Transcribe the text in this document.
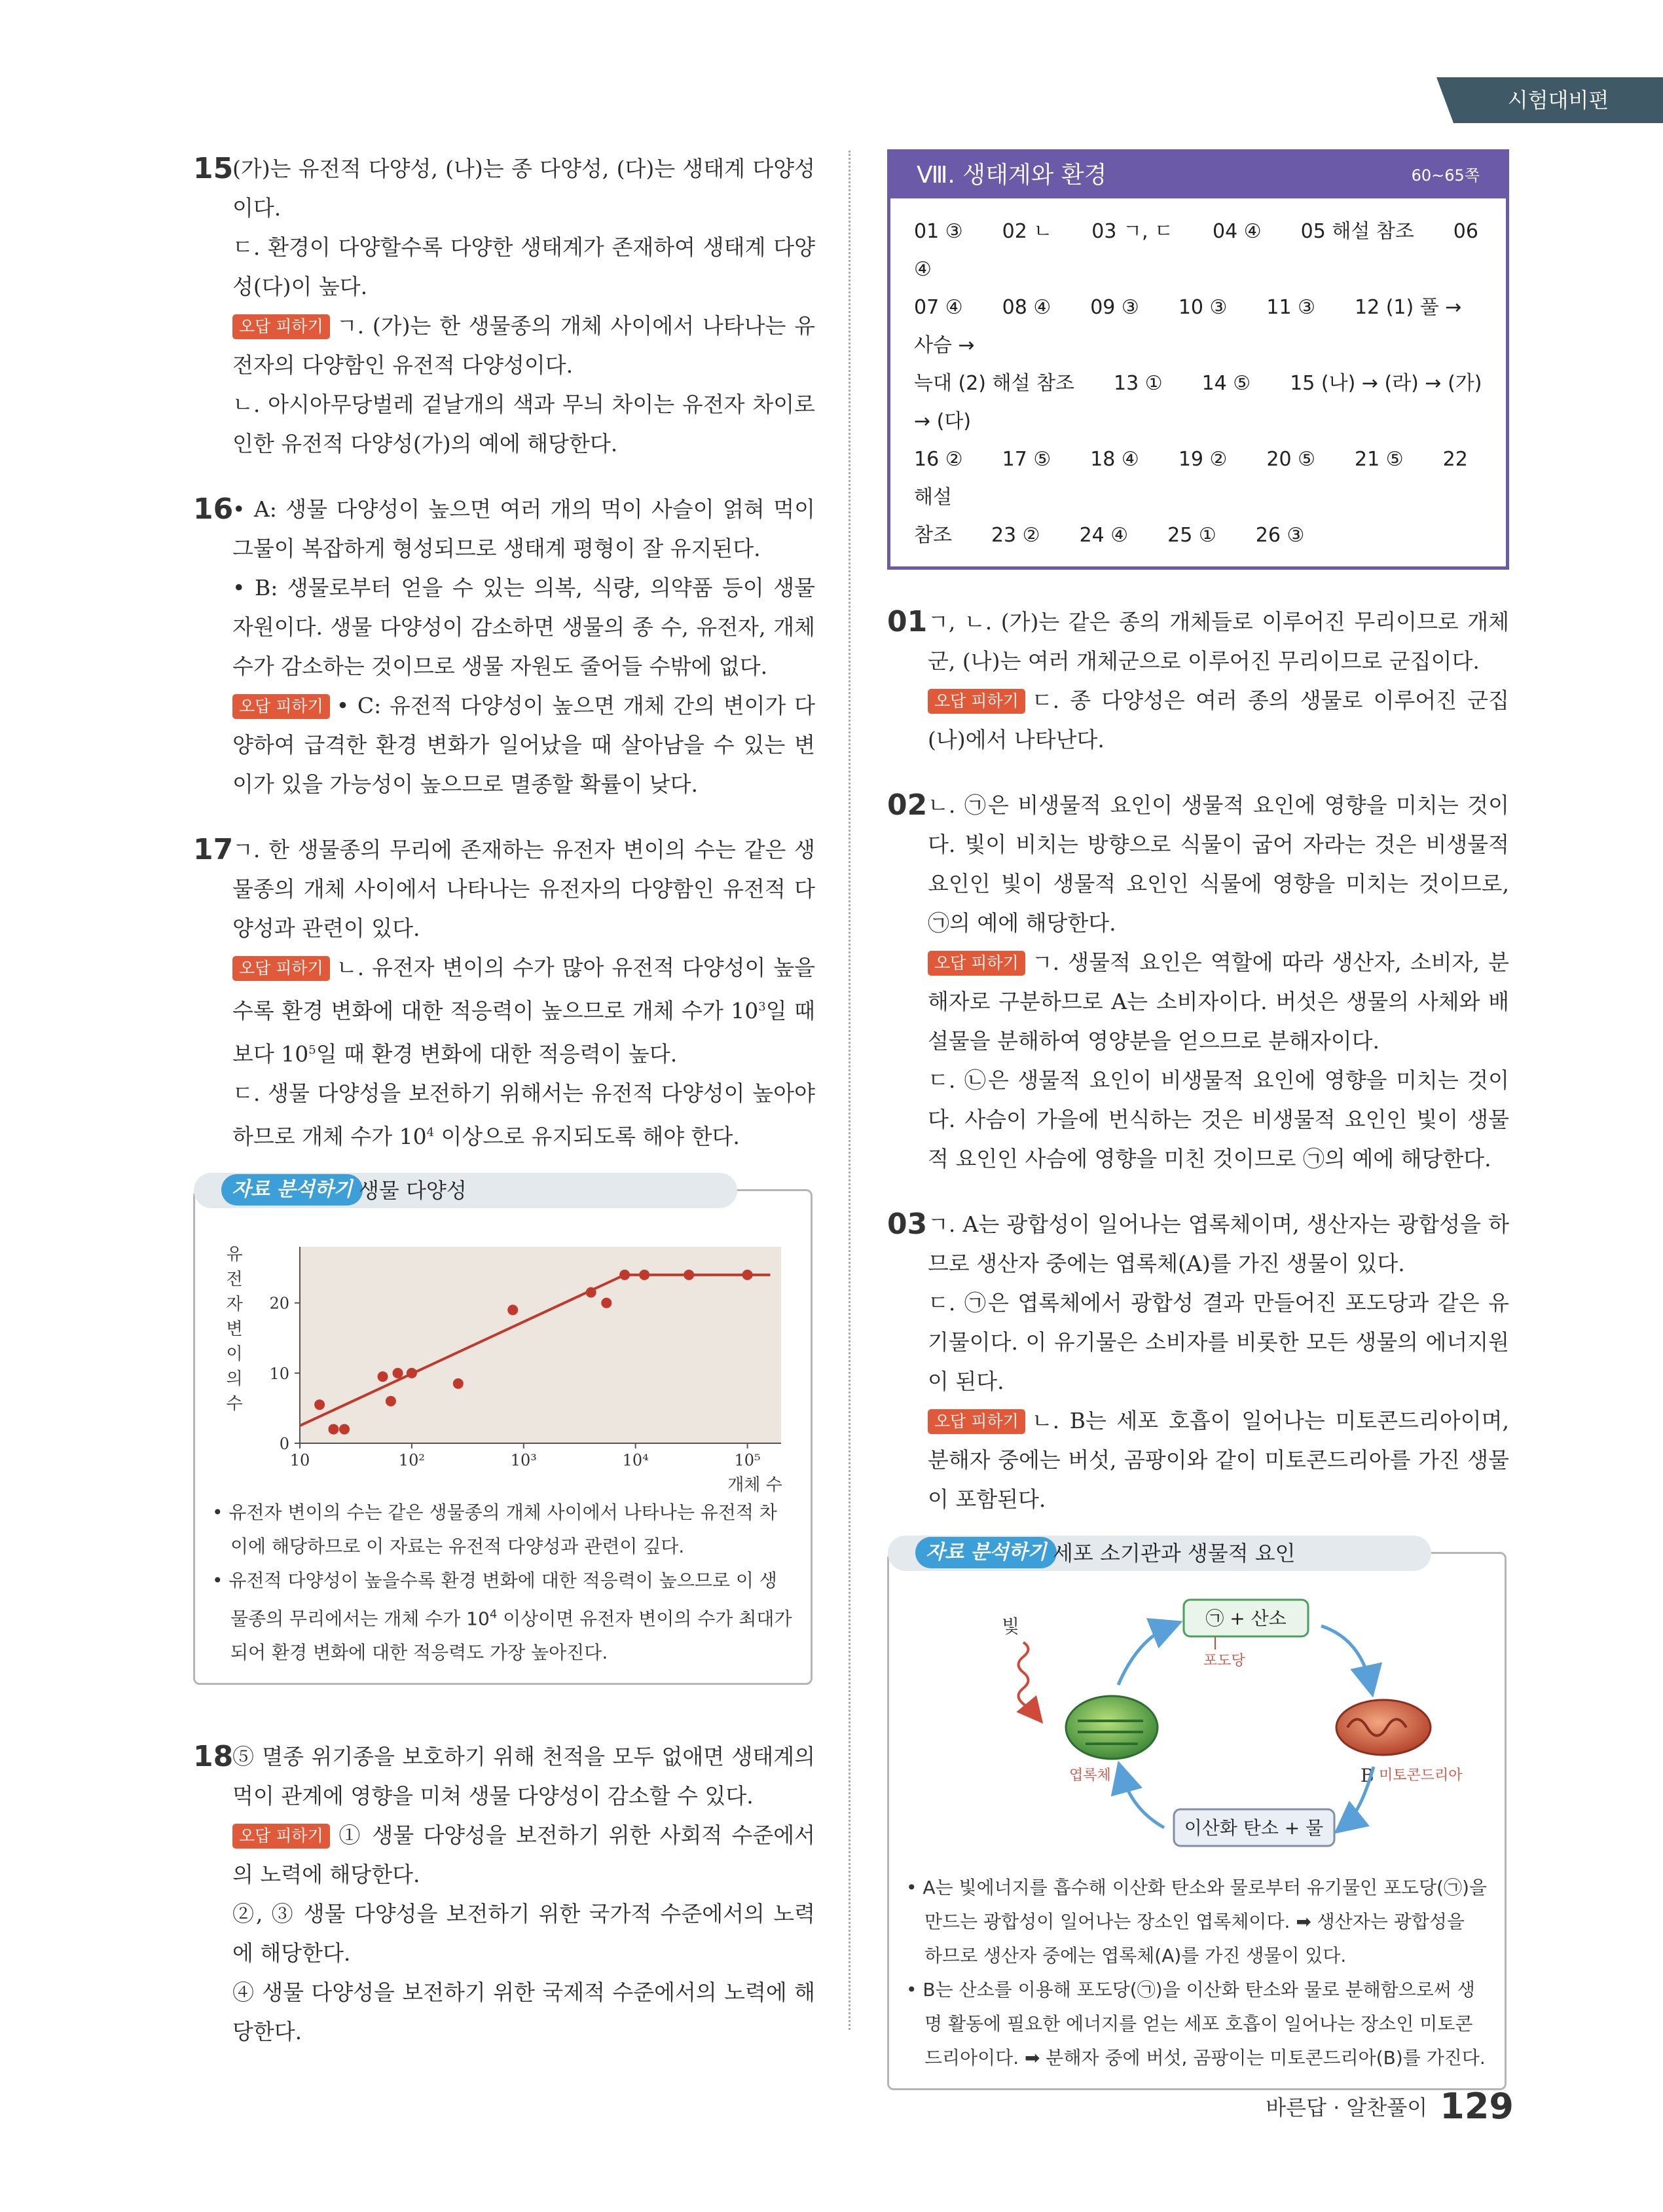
시험대비편
15

(가)는 유전적 다양성, (나)는 종 다양성, (다)는 생태계 다양성이다.

ㄷ. 환경이 다양할수록 다양한 생태계가 존재하여 생태계 다양성(다)이 높다.

오답 피하기 ㄱ. (가)는 한 생물종의 개체 사이에서 나타나는 유전자의 다양함인 유전적 다양성이다.

ㄴ. 아시아무당벌레 겉날개의 색과 무늬 차이는 유전자 차이로 인한 유전적 다양성(가)의 예에 해당한다.

16

• A: 생물 다양성이 높으면 여러 개의 먹이 사슬이 얽혀 먹이 그물이 복잡하게 형성되므로 생태계 평형이 잘 유지된다.

• B: 생물로부터 얻을 수 있는 의복, 식량, 의약품 등이 생물 자원이다. 생물 다양성이 감소하면 생물의 종 수, 유전자, 개체 수가 감소하는 것이므로 생물 자원도 줄어들 수밖에 없다.

오답 피하기 • C: 유전적 다양성이 높으면 개체 간의 변이가 다양하여 급격한 환경 변화가 일어났을 때 살아남을 수 있는 변이가 있을 가능성이 높으므로 멸종할 확률이 낮다.

17

ㄱ. 한 생물종의 무리에 존재하는 유전자 변이의 수는 같은 생물종의 개체 사이에서 나타나는 유전자의 다양함인 유전적 다양성과 관련이 있다.

오답 피하기 ㄴ. 유전자 변이의 수가 많아 유전적 다양성이 높을수록 환경 변화에 대한 적응력이 높으므로 개체 수가 $10^3$일 때보다 $10^5$일 때 환경 변화에 대한 적응력이 높다.

ㄷ. 생물 다양성을 보전하기 위해서는 유전적 다양성이 높아야 하므로 개체 수가 $10^4$ 이상으로 유지되도록 해야 한다.

자료 분석하기 생물 다양성
유
전
자
변
이
의
수
0
10
20
10	10²	10³	10⁴	10⁵
개체 수
• 유전자 변이의 수는 같은 생물종의 개체 사이에서 나타나는 유전적 차이에 해당하므로 이 자료는 유전적 다양성과 관련이 깊다.
• 유전적 다양성이 높을수록 환경 변화에 대한 적응력이 높으므로 이 생물종의 무리에서는 개체 수가 $10^4$ 이상이면 유전자 변이의 수가 최대가 되어 환경 변화에 대한 적응력도 가장 높아진다.
18

⑤ 멸종 위기종을 보호하기 위해 천적을 모두 없애면 생태계의 먹이 관계에 영향을 미쳐 생물 다양성이 감소할 수 있다.

오답 피하기 ① 생물 다양성을 보전하기 위한 사회적 수준에서의 노력에 해당한다.

②, ③ 생물 다양성을 보전하기 위한 국가적 수준에서의 노력에 해당한다.

④ 생물 다양성을 보전하기 위한 국제적 수준에서의 노력에 해당한다.

Ⅷ. 생태계와 환경	60~65쪽
01 ③　　02 ㄴ　　03 ㄱ, ㄷ　　04 ④　　05 해설 참조　　06 ④
07 ④　　08 ④　　09 ③　　10 ③　　11 ③　　12 (1) 풀 → 사슴 →
늑대 (2) 해설 참조　　13 ①　　14 ⑤　　15 (나) → (라) → (가) → (다)
16 ②　　17 ⑤　　18 ④　　19 ②　　20 ⑤　　21 ⑤　　22 해설
참조　　23 ②　　24 ④　　25 ①　　26 ③
01 ㄱ, ㄴ. (가)는 같은 종의 개체들로 이루어진 무리이므로 개체군, (나)는 여러 개체군으로 이루어진 무리이므로 군집이다.

오답 피하기 ㄷ. 종 다양성은 여러 종의 생물로 이루어진 군집(나)에서 나타난다.

02 ㄴ. ㉠은 비생물적 요인이 생물적 요인에 영향을 미치는 것이다. 빛이 비치는 방향으로 식물이 굽어 자라는 것은 비생물적 요인인 빛이 생물적 요인인 식물에 영향을 미치는 것이므로, ㉠의 예에 해당한다.

오답 피하기 ㄱ. 생물적 요인은 역할에 따라 생산자, 소비자, 분해자로 구분하므로 A는 소비자이다. 버섯은 생물의 사체와 배설물을 분해하여 영양분을 얻으므로 분해자이다.

ㄷ. ㉡은 생물적 요인이 비생물적 요인에 영향을 미치는 것이다. 사슴이 가을에 번식하는 것은 비생물적 요인인 빛이 생물적 요인인 사슴에 영향을 미친 것이므로 ㉠의 예에 해당한다.

03 ㄱ. A는 광합성이 일어나는 엽록체이며, 생산자는 광합성을 하므로 생산자 중에는 엽록체(A)를 가진 생물이 있다.

ㄷ. ㉠은 엽록체에서 광합성 결과 만들어진 포도당과 같은 유기물이다. 이 유기물은 소비자를 비롯한 모든 생물의 에너지원이 된다.

오답 피하기 ㄴ. B는 세포 호흡이 일어나는 미토콘드리아이며, 분해자 중에는 버섯, 곰팡이와 같이 미토콘드리아를 가진 생물이 포함된다.

자료 분석하기 세포 소기관과 생물적 요인
빛	㉠ + 산소
포도당
엽록체 A	B 미토콘드리아
이산화 탄소 + 물
• A는 빛에너지를 흡수해 이산화 탄소와 물로부터 유기물인 포도당(㉠)을 만드는 광합성이 일어나는 장소인 엽록체이다. ➡ 생산자는 광합성을 하므로 생산자 중에는 엽록체(A)를 가진 생물이 있다.
• B는 산소를 이용해 포도당(㉠)을 이산화 탄소와 물로 분해함으로써 생명 활동에 필요한 에너지를 얻는 세포 호흡이 일어나는 장소인 미토콘드리아이다. ➡ 분해자 중에 버섯, 곰팡이는 미토콘드리아(B)를 가진다.
바른답 · 알찬풀이 129
